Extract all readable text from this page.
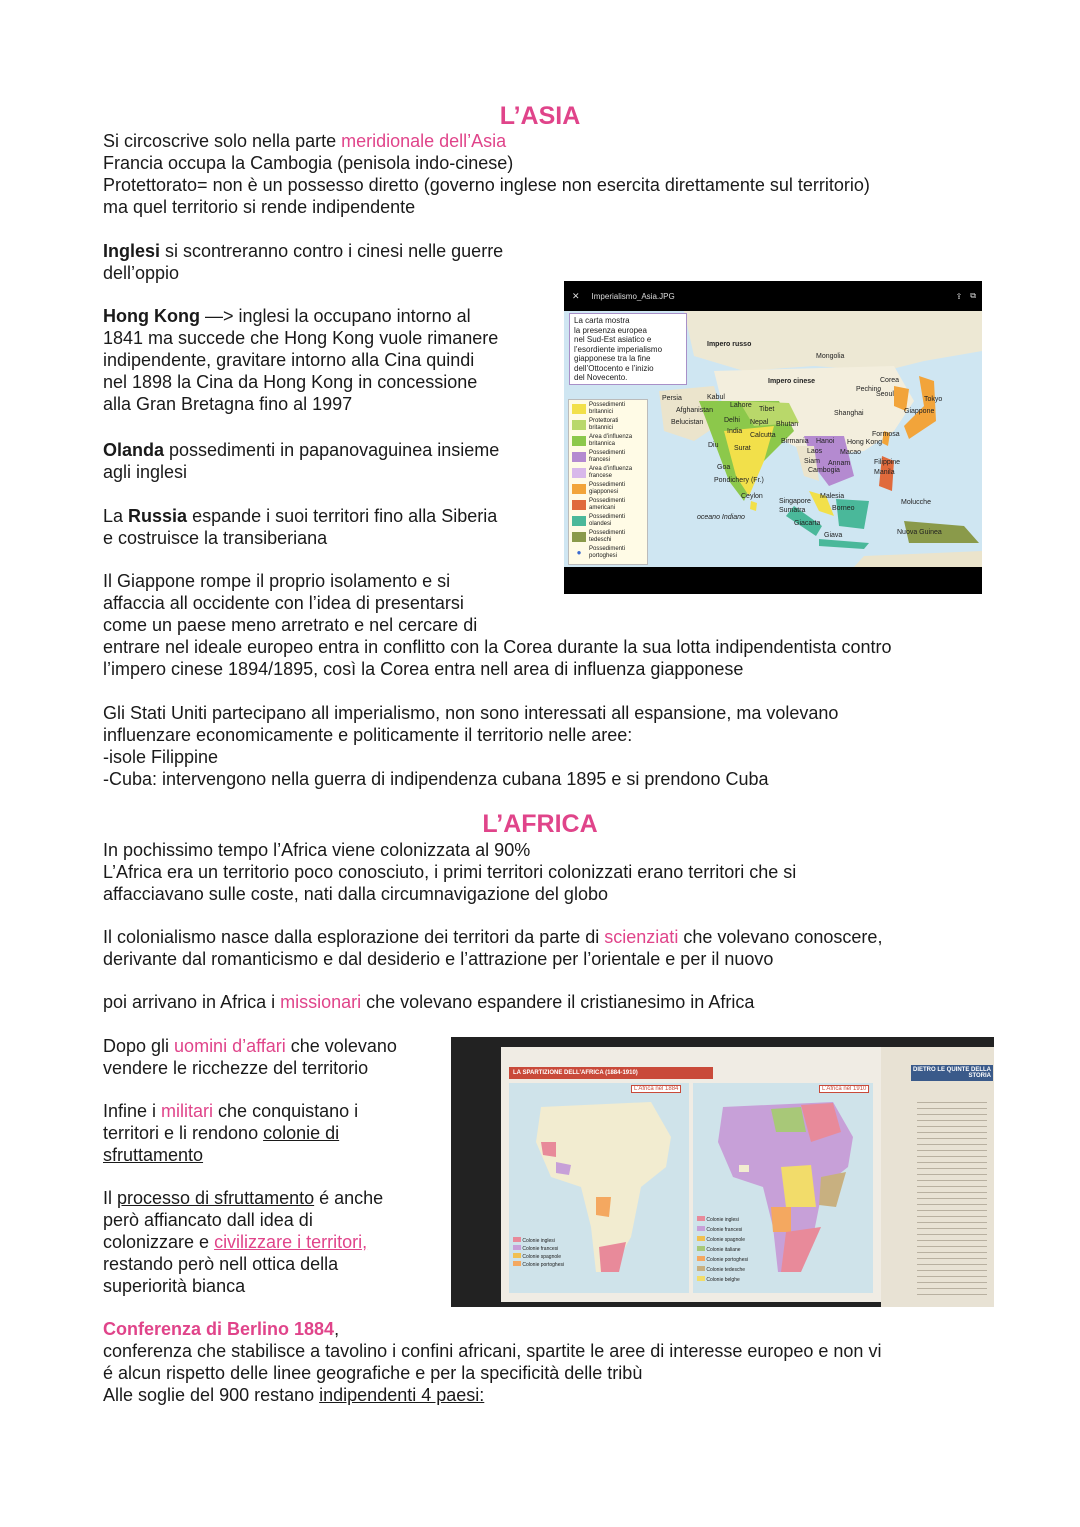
L’ASIA
Si circoscrive solo nella parte meridionale dell’Asia
Francia occupa la Cambogia (penisola indo-cinese)
Protettorato= non è un possesso diretto (governo inglese non esercita direttamente sul territorio)
ma quel territorio si rende indipendente
Inglesi si scontreranno contro i cinesi nelle guerre
dell’oppio
Hong Kong —> inglesi la occupano intorno al
1841 ma succede che Hong Kong vuole rimanere
indipendente, gravitare intorno alla Cina quindi
nel 1898 la Cina da Hong Kong in concessione
alla Gran Bretagna fino al 1997
Olanda possedimenti in papanovaguinea insieme
agli inglesi
La Russia espande i suoi territori fino alla Siberia
e costruisce la transiberiana
Il Giappone rompe il proprio isolamento e si
affaccia all occidente con l’idea di presentarsi
come un paese meno arretrato e nel cercare di
entrare nel ideale europeo entra in conflitto con la Corea durante la sua lotta indipendentista contro
l’impero cinese 1894/1895, così la Corea entra nell area di influenza giapponese
Gli Stati Uniti partecipano all imperialismo, non sono interessati all espansione, ma volevano
influenzare economicamente e politicamente il territorio nelle aree:
-isole Filippine
-Cuba: intervengono nella guerra di indipendenza cubana 1895 e si prendono Cuba
✕ Imperialismo_Asia.JPG	⇪ ⧉
La carta mostra
la presenza europea
nel Sud-Est asiatico e
l’esordiente imperialismo
giapponese tra la fine
dell’Ottocento e l’inizio
del Novecento.
Possedimenti britannici
Protettorati britannici
Area d’influenza britannica
Possedimenti francesi
Area d’influenza francese
Possedimenti giapponesi
Possedimenti americani
Possedimenti olandesi
Possedimenti tedeschi
●	Possedimenti portoghesi
Impero russo
Mongolia
Impero cinese
Pechino
Corea
Seoul
Tokyo
Giappone
Persia	Kabul
Afghanistan
Lahore
Tibet
Shanghai
Belucistan	Delhi Nepal Bhutan
India
Calcutta	Formosa
Birmania Hanoi Hong Kong
Diu Surat	Laos	Macao
Siam Annam	Filippine
Goa	Cambogia	Manila
Pondichery (Fr.)
Ceylon	Malesia
Singapore
Sumatra	Borneo
Molucche
oceano Indiano
Giacarta
Giava	Nuova Guinea
L’AFRICA
In pochissimo tempo l’Africa viene colonizzata al 90%
L’Africa era un territorio poco conosciuto, i primi territori colonizzati erano territori che si
affacciavano sulle coste, nati dalla circumnavigazione del globo
Il colonialismo nasce dalla esplorazione dei territori da parte di scienziati che volevano conoscere,
derivante dal romanticismo e dal desiderio e l’attrazione per l’orientale e per il nuovo
poi arrivano in Africa i missionari che volevano espandere il cristianesimo in Africa
Dopo gli uomini d’affari che volevano
vendere le ricchezze del territorio
Infine i militari che conquistano i
territori e li rendono colonie di
sfruttamento
Il processo di sfruttamento é anche
però affiancato dall idea di
colonizzare e civilizzare i territori,
restando però nell ottica della
superiorità bianca
Conferenza di Berlino 1884,
conferenza che stabilisce a tavolino i confini africani, spartite le aree di interesse europeo e non vi
é alcun rispetto delle linee geografiche e per la specificità delle tribù
Alle soglie del 900 restano indipendenti 4 paesi:
LA SPARTIZIONE DELL’AFRICA (1884-1910)
L’Africa nel 1884	L’Africa nel 1910
Colonie inglesi
Colonie francesi
Colonie spagnole
Colonie portoghesi
Colonie inglesi
Colonie francesi
Colonie spagnole
Colonie italiane
Colonie portoghesi
Colonie tedesche
Colonie belghe
DIETRO LE QUINTE DELLA STORIA
